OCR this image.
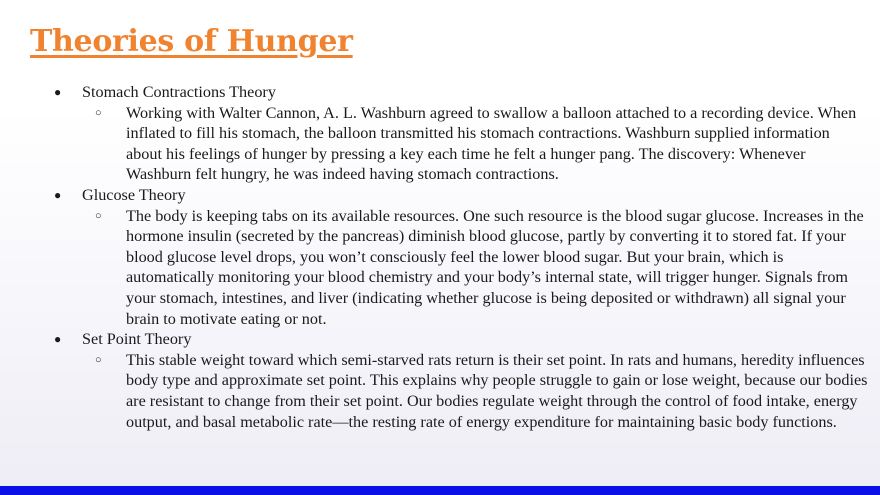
Theories of Hunger
● Stomach Contractions Theory
○ Working with Walter Cannon, A. L. Washburn agreed to swallow a balloon attached to a recording device. When inflated to fill his stomach, the balloon transmitted his stomach contractions. Washburn supplied information about his feelings of hunger by pressing a key each time he felt a hunger pang. The discovery: Whenever Washburn felt hungry, he was indeed having stomach contractions.
● Glucose Theory
○ The body is keeping tabs on its available resources. One such resource is the blood sugar glucose. Increases in the hormone insulin (secreted by the pancreas) diminish blood glucose, partly by converting it to stored fat. If your blood glucose level drops, you won’t consciously feel the lower blood sugar. But your brain, which is automatically monitoring your blood chemistry and your body’s internal state, will trigger hunger. Signals from your stomach, intestines, and liver (indicating whether glucose is being deposited or withdrawn) all signal your brain to motivate eating or not.
● Set Point Theory
○ This stable weight toward which semi-starved rats return is their set point. In rats and humans, heredity influences body type and approximate set point. This explains why people struggle to gain or lose weight, because our bodies are resistant to change from their set point. Our bodies regulate weight through the control of food intake, energy output, and basal metabolic rate—the resting rate of energy expenditure for maintaining basic body functions.
